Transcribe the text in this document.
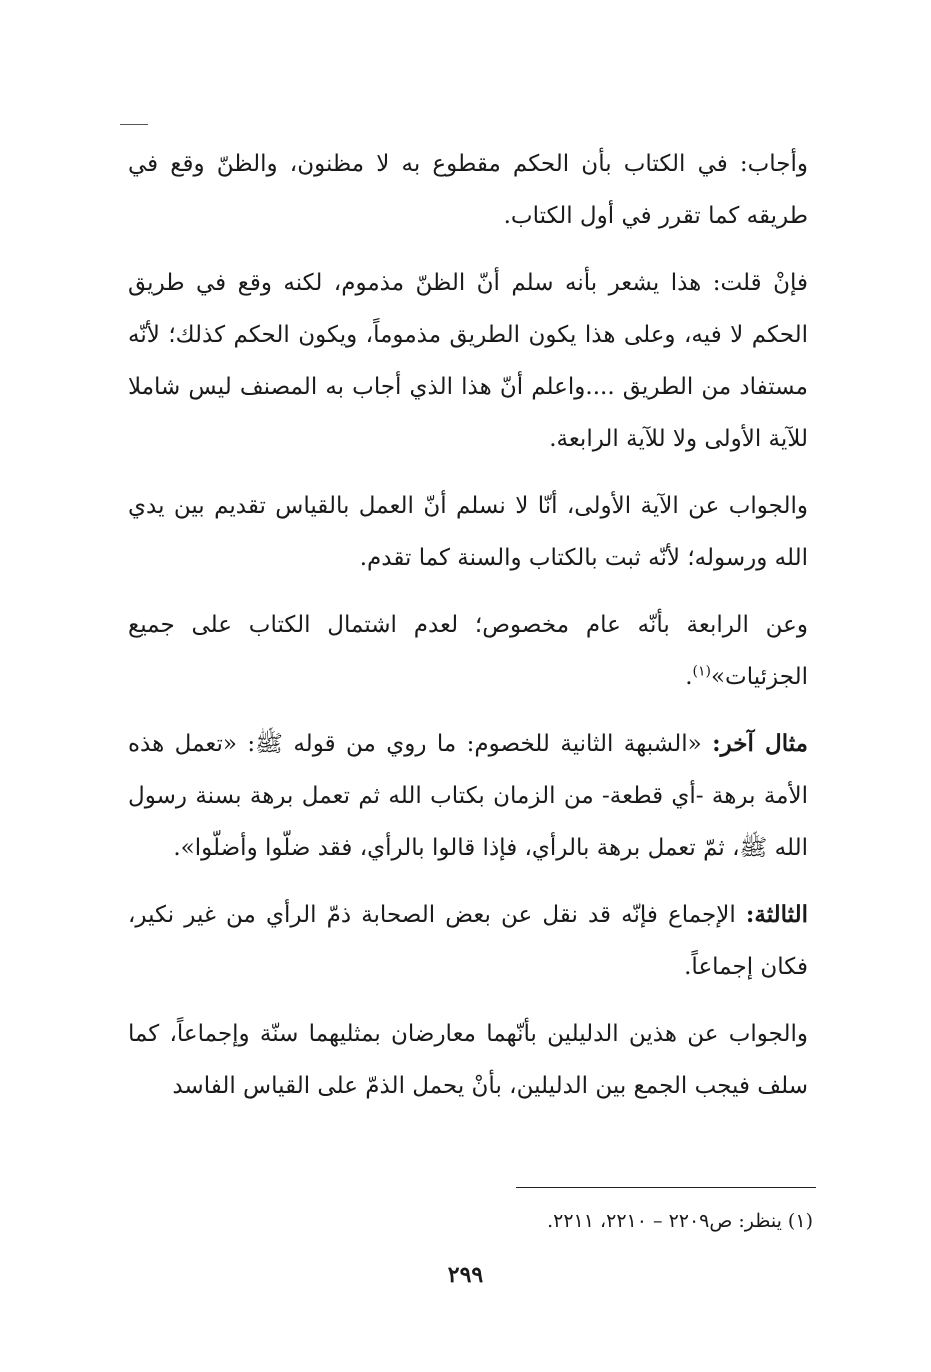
وأجاب: في الكتاب بأن الحكم مقطوع به لا مظنون، والظنّ وقع في طريقه كما تقرر في أول الكتاب.

فإنْ قلت: هذا يشعر بأنه سلم أنّ الظنّ مذموم، لكنه وقع في طريق الحكم لا فيه، وعلى هذا يكون الطريق مذموماً، ويكون الحكم كذلك؛ لأنّه مستفاد من الطريق ....واعلم أنّ هذا الذي أجاب به المصنف ليس شاملا للآية الأولى ولا للآية الرابعة.

والجواب عن الآية الأولى، أنّا لا نسلم أنّ العمل بالقياس تقديم بين يدي الله ورسوله؛ لأنّه ثبت بالكتاب والسنة كما تقدم.

وعن الرابعة بأنّه عام مخصوص؛ لعدم اشتمال الكتاب على جميع الجزئيات»$^{(١)}$.

مثال آخر: «الشبهة الثانية للخصوم: ما روي من قوله ﷺ: «تعمل هذه الأمة برهة -أي قطعة- من الزمان بكتاب الله ثم تعمل برهة بسنة رسول الله ﷺ، ثمّ تعمل برهة بالرأي، فإذا قالوا بالرأي، فقد ضلّوا وأضلّوا».

الثالثة: الإجماع فإنّه قد نقل عن بعض الصحابة ذمّ الرأي من غير نكير، فكان إجماعاً.

والجواب عن هذين الدليلين بأنّهما معارضان بمثليهما سنّة وإجماعاً، كما سلف فيجب الجمع بين الدليلين، بأنْ يحمل الذمّ على القياس الفاسد

(١) ينظر: ص٢٢٠٩ – ٢٢١٠، ٢٢١١.
٢٩٩
